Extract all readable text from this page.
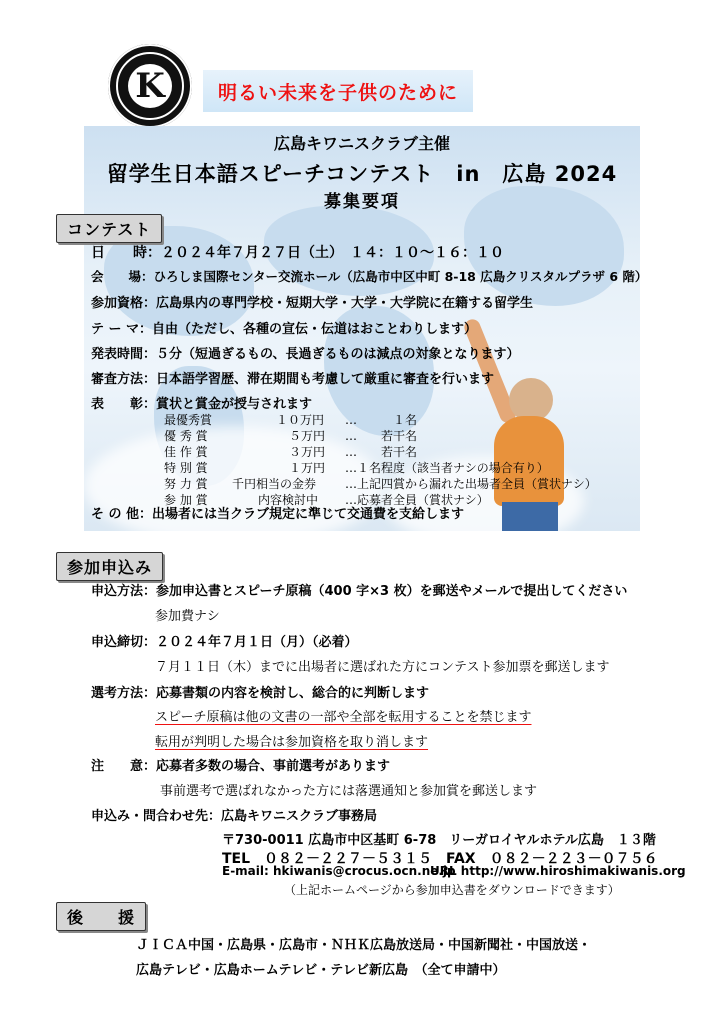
K	明るい未来を子供のために
広島キワニスクラブ主催
留学生日本語スピーチコンテスト　in　広島 2024
募集要項
コンテスト
日　　時：２０２４年７月２７日（土）　１４：１０～１６：１０
会　　場：ひろしま国際センター交流ホール（広島市中区中町 8-18 広島クリスタルプラザ 6 階）
参加資格：広島県内の専門学校・短期大学・大学・大学院に在籍する留学生
テ ー マ：自由（ただし、各種の宣伝・伝道はおことわりします）
発表時間：５分（短過ぎるもの、長過ぎるものは減点の対象となります）
審査方法：日本語学習歴、滞在期間も考慮して厳重に審査を行います
表　　彰：賞状と賞金が授与されます
最優秀賞	１０万円 …　　　１名
優 秀 賞	５万円 …　　若干名
佳 作 賞	３万円 …　　若干名
特 別 賞	１万円 …１名程度（該当者ナシの場合有り）
努 力 賞 千円相当の金券 …上記四賞から漏れた出場者全員（賞状ナシ）
参 加 賞	内容検討中 …応募者全員（賞状ナシ）
そ の 他：出場者には当クラブ規定に準じて交通費を支給します
参加申込み
申込方法：参加申込書とスピーチ原稿（400 字×3 枚）を郵送やメールで提出してください
参加費ナシ
申込締切：２０２４年７月１日（月）（必着）
７月１１日（木）までに出場者に選ばれた方にコンテスト参加票を郵送します
選考方法：応募書類の内容を検討し、総合的に判断します
スピーチ原稿は他の文書の一部や全部を転用することを禁じます
転用が判明した場合は参加資格を取り消します
注　　意：応募者多数の場合、事前選考があります
事前選考で選ばれなかった方には落選通知と参加賞を郵送します
申込み・問合わせ先：広島キワニスクラブ事務局
〒730-0011 広島市中区基町 6-78　リーガロイヤルホテル広島　１３階
TEL　０８２－２２７－５３１５ FAX　０８２－２２３－０７５６
E-mail: hkiwanis@crocus.ocn.ne.jp
URL http://www.hiroshimakiwanis.org
（上記ホームページから参加申込書をダウンロードできます）
後　　援
ＪＩＣＡ中国・広島県・広島市・ＮＨＫ広島放送局・中国新聞社・中国放送・
広島テレビ・広島ホームテレビ・テレビ新広島　（全て申請中）
